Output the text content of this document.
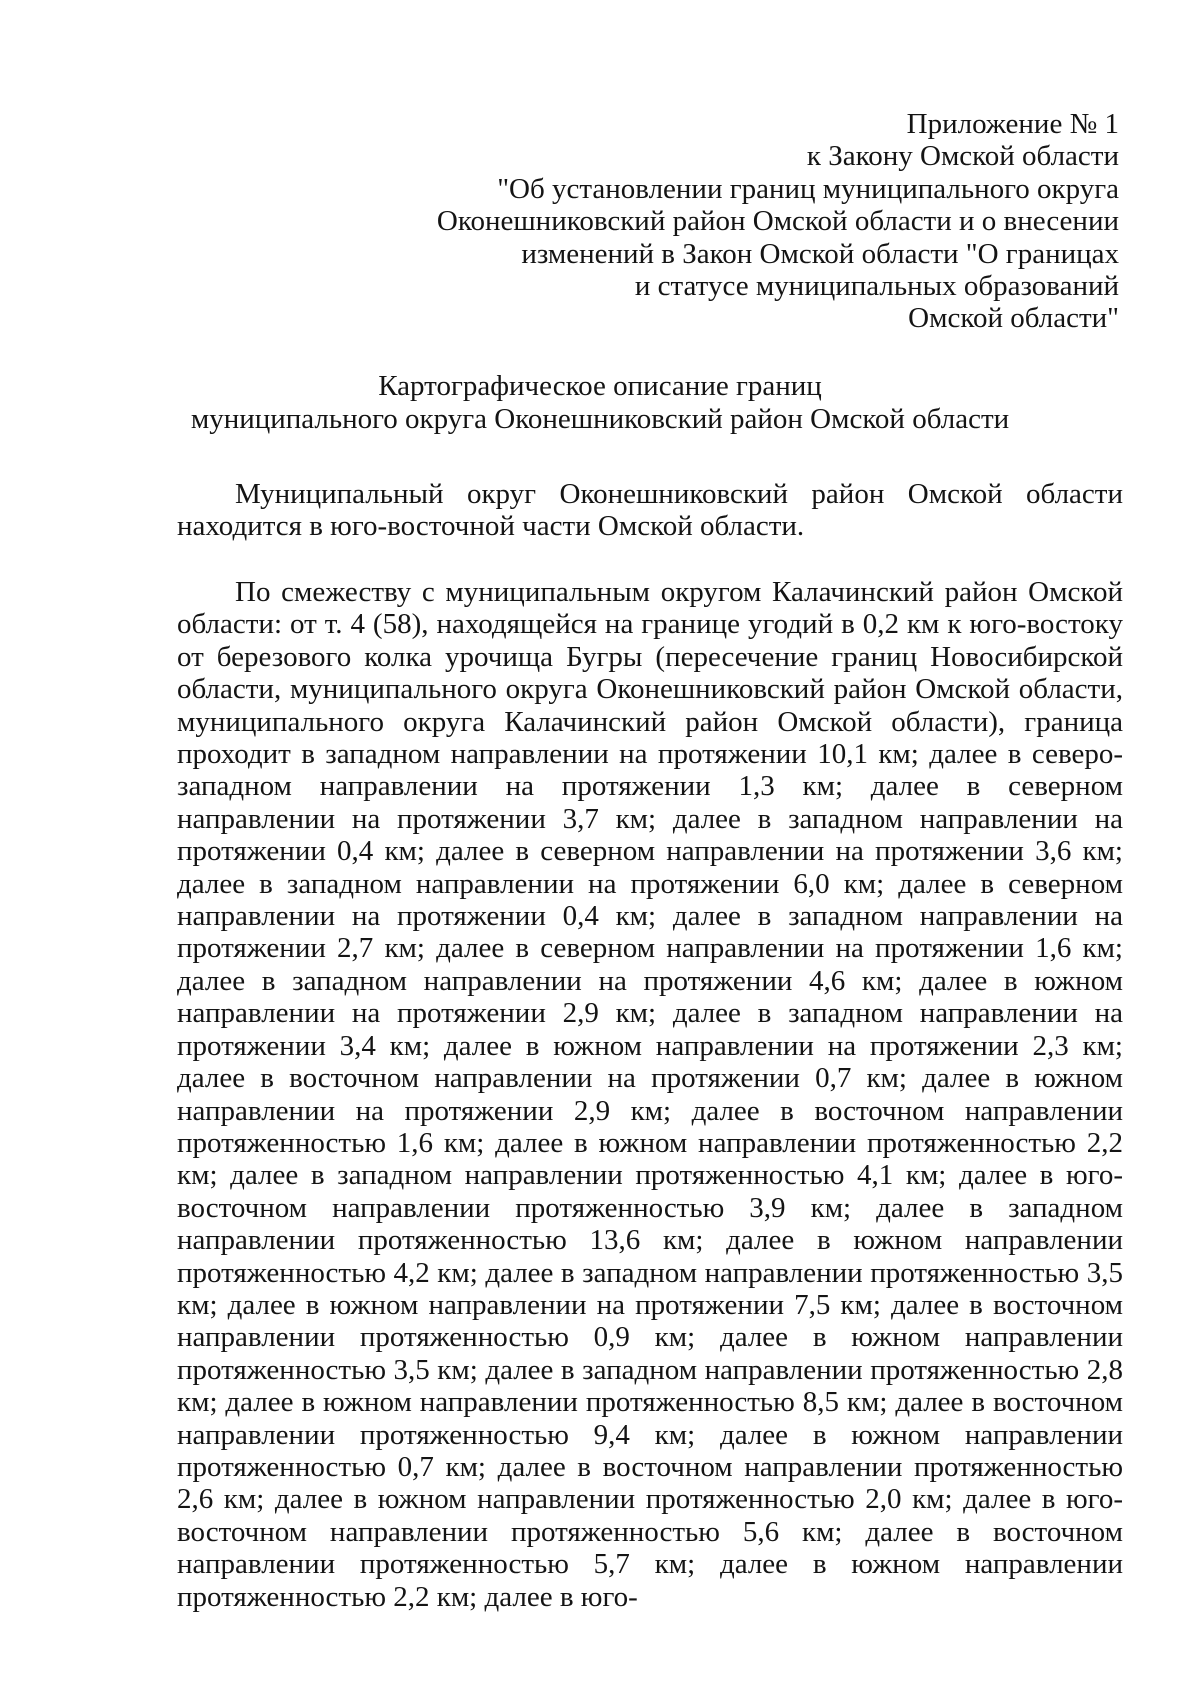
Приложение № 1
к Закону Омской области
"Об установлении границ муниципального округа
Оконешниковский район Омской области и о внесении
изменений в Закон Омской области "О границах
и статусе муниципальных образований
Омской области"
Картографическое описание границ
муниципального округа Оконешниковский район Омской области

Муниципальный округ Оконешниковский район Омской области находится в юго-восточной части Омской области.

По смежеству с муниципальным округом Калачинский район Омской области: от т. 4 (58), находящейся на границе угодий в 0,2 км к юго-востоку от березового колка урочища Бугры (пересечение границ Новосибирской области, муниципального округа Оконешниковский район Омской области, муниципального округа Калачинский район Омской области), граница проходит в западном направлении на протяжении 10,1 км; далее в северо-западном направлении на протяжении 1,3 км; далее в северном направлении на протяжении 3,7 км; далее в западном направлении на протяжении 0,4 км; далее в северном направлении на протяжении 3,6 км; далее в западном направлении на протяжении 6,0 км; далее в северном направлении на протяжении 0,4 км; далее в западном направлении на протяжении 2,7 км; далее в северном направлении на протяжении 1,6 км; далее в западном направлении на протяжении 4,6 км; далее в южном направлении на протяжении 2,9 км; далее в западном направлении на протяжении 3,4 км; далее в южном направлении на протяжении 2,3 км; далее в восточном направлении на протяжении 0,7 км; далее в южном направлении на протяжении 2,9 км; далее в восточном направлении протяженностью 1,6 км; далее в южном направлении протяженностью 2,2 км; далее в западном направлении протяженностью 4,1 км; далее в юго-восточном направлении протяженностью 3,9 км; далее в западном направлении протяженностью 13,6 км; далее в южном направлении протяженностью 4,2 км; далее в западном направлении протяженностью 3,5 км; далее в южном направлении на протяжении 7,5 км; далее в восточном направлении протяженностью 0,9 км; далее в южном направлении протяженностью 3,5 км; далее в западном направлении протяженностью 2,8 км; далее в южном направлении протяженностью 8,5 км; далее в восточном направлении протяженностью 9,4 км; далее в южном направлении протяженностью 0,7 км; далее в восточном направлении протяженностью 2,6 км; далее в южном направлении протяженностью 2,0 км; далее в юго-восточном направлении протяженностью 5,6 км; далее в восточном направлении протяженностью 5,7 км; далее в южном направлении протяженностью 2,2 км; далее в юго-
